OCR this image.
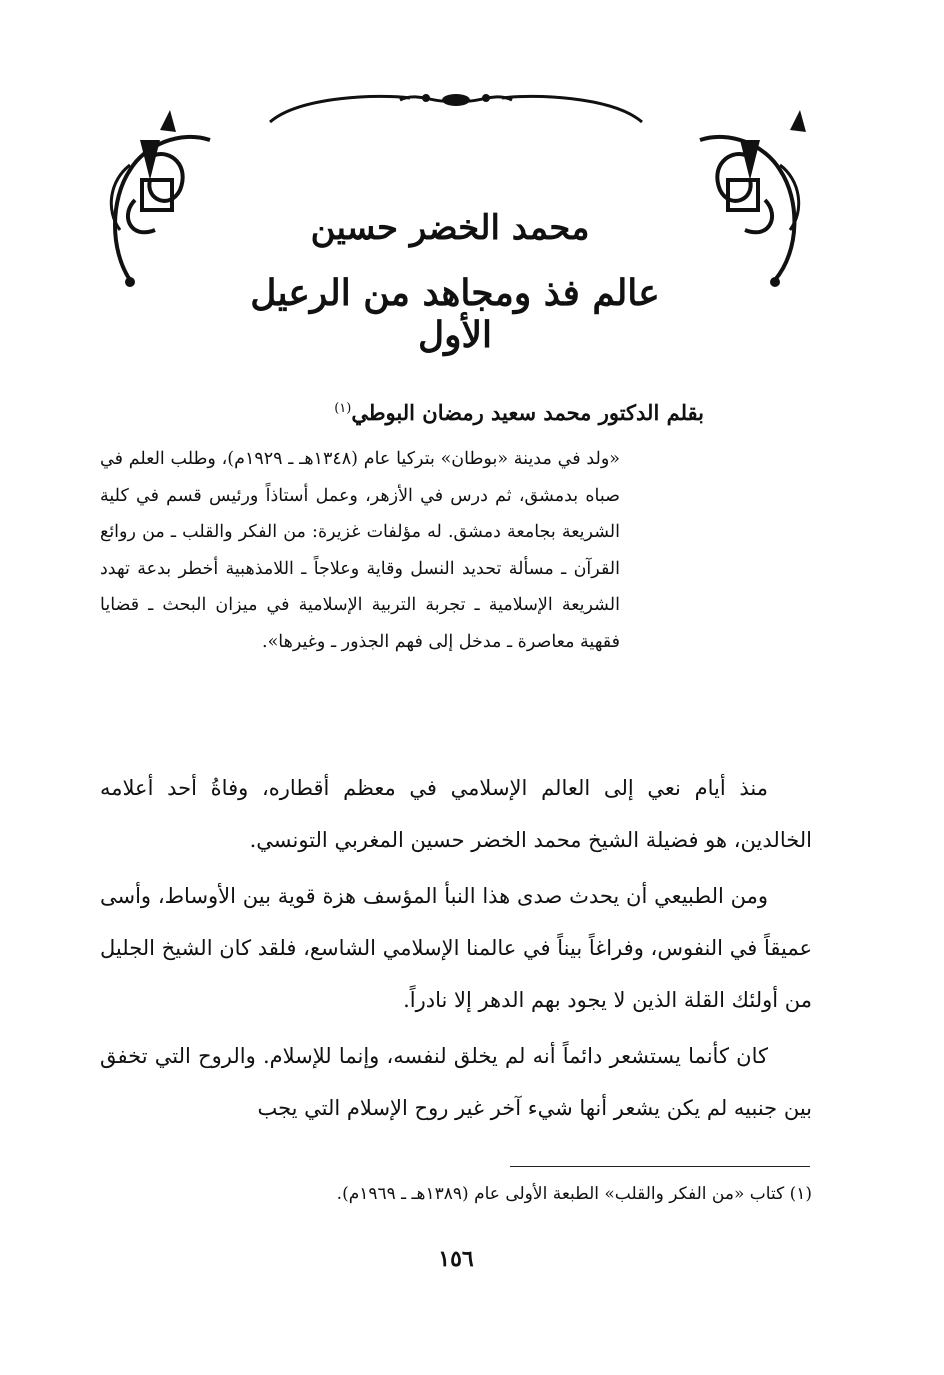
محمد الخضر حسين
عالم فذ ومجاهد من الرعيل الأول
بقلم الدكتور محمد سعيد رمضان البوطي$^{(١)}$
«ولد في مدينة «بوطان» بتركيا عام (١٣٤٨هـ ـ ١٩٢٩م)، وطلب العلم في صباه بدمشق، ثم درس في الأزهر، وعمل أستاذاً ورئيس قسم في كلية الشريعة بجامعة دمشق. له مؤلفات غزيرة: من الفكر والقلب ـ من روائع القرآن ـ مسألة تحديد النسل وقاية وعلاجاً ـ اللامذهبية أخطر بدعة تهدد الشريعة الإسلامية ـ تجربة التربية الإسلامية في ميزان البحث ـ قضايا فقهية معاصرة ـ مدخل إلى فهم الجذور ـ وغيرها».

منذ أيام نعي إلى العالم الإسلامي في معظم أقطاره، وفاةُ أحد أعلامه الخالدين، هو فضيلة الشيخ محمد الخضر حسين المغربي التونسي.

ومن الطبيعي أن يحدث صدى هذا النبأ المؤسف هزة قوية بين الأوساط، وأسى عميقاً في النفوس، وفراغاً بيناً في عالمنا الإسلامي الشاسع، فلقد كان الشيخ الجليل من أولئك القلة الذين لا يجود بهم الدهر إلا نادراً.

كان كأنما يستشعر دائماً أنه لم يخلق لنفسه، وإنما للإسلام. والروح التي تخفق بين جنبيه لم يكن يشعر أنها شيء آخر غير روح الإسلام التي يجب

(١) كتاب «من الفكر والقلب» الطبعة الأولى عام (١٣٨٩هـ ـ ١٩٦٩م).
١٥٦
